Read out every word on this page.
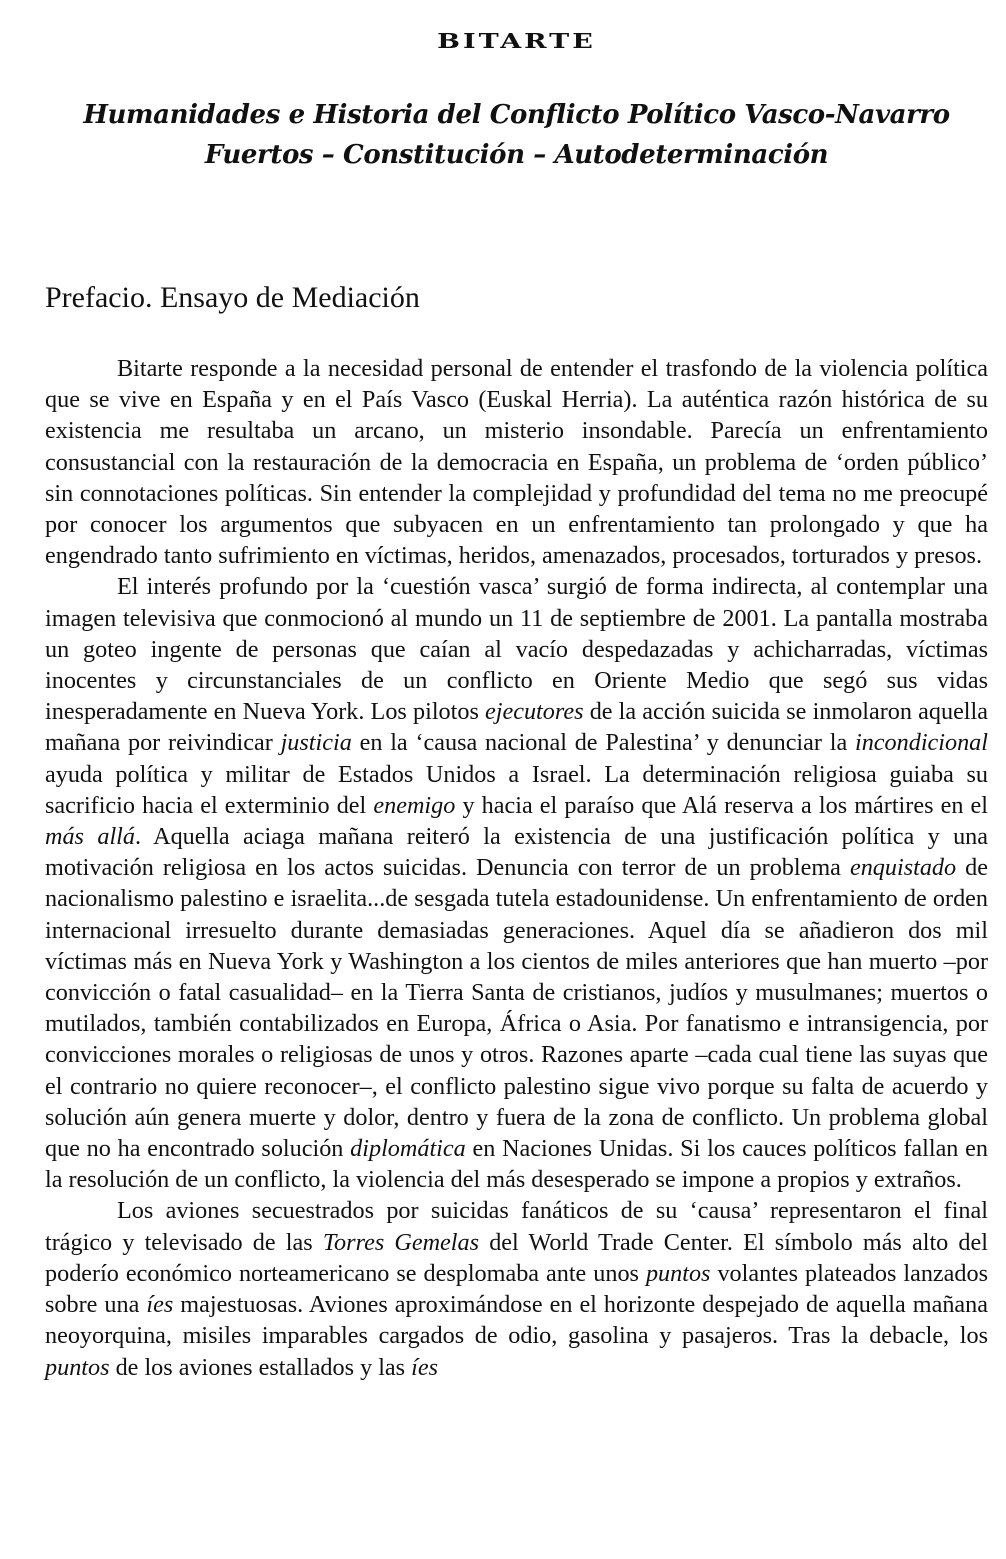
BITARTE

Humanidades e Historia del Conflicto Político Vasco-Navarro

Fuertos – Constitución – Autodeterminación

Prefacio. Ensayo de Mediación

Bitarte responde a la necesidad personal de entender el trasfondo de la violencia política que se vive en España y en el País Vasco (Euskal Herria). La auténtica razón histórica de su existencia me resultaba un arcano, un misterio insondable. Parecía un enfrentamiento consustancial con la restauración de la democracia en España, un problema de ‘orden público’ sin connotaciones políticas. Sin entender la complejidad y profundidad del tema no me preocupé por conocer los argumentos que subyacen en un enfrentamiento tan prolongado y que ha engendrado tanto sufrimiento en víctimas, heridos, amenazados, procesados, torturados y presos.

El interés profundo por la ‘cuestión vasca’ surgió de forma indirecta, al contemplar una imagen televisiva que conmocionó al mundo un 11 de septiembre de 2001. La pantalla mostraba un goteo ingente de personas que caían al vacío despedazadas y achicharradas, víctimas inocentes y circunstanciales de un conflicto en Oriente Medio que segó sus vidas inesperadamente en Nueva York. Los pilotos ejecutores de la acción suicida se inmolaron aquella mañana por reivindicar justicia en la ‘causa nacional de Palestina’ y denunciar la incondicional ayuda política y militar de Estados Unidos a Israel. La determinación religiosa guiaba su sacrificio hacia el exterminio del enemigo y hacia el paraíso que Alá reserva a los mártires en el más allá. Aquella aciaga mañana reiteró la existencia de una justificación política y una motivación religiosa en los actos suicidas. Denuncia con terror de un problema enquistado de nacionalismo palestino e israelita...de sesgada tutela estadounidense. Un enfrentamiento de orden internacional irresuelto durante demasiadas generaciones. Aquel día se añadieron dos mil víctimas más en Nueva York y Washington a los cientos de miles anteriores que han muerto –por convicción o fatal casualidad– en la Tierra Santa de cristianos, judíos y musulmanes; muertos o mutilados, también contabilizados en Europa, África o Asia. Por fanatismo e intransigencia, por convicciones morales o religiosas de unos y otros. Razones aparte –cada cual tiene las suyas que el contrario no quiere reconocer–, el conflicto palestino sigue vivo porque su falta de acuerdo y solución aún genera muerte y dolor, dentro y fuera de la zona de conflicto. Un problema global que no ha encontrado solución diplomática en Naciones Unidas. Si los cauces políticos fallan en la resolución de un conflicto, la violencia del más desesperado se impone a propios y extraños.

Los aviones secuestrados por suicidas fanáticos de su ‘causa’ representaron el final trágico y televisado de las Torres Gemelas del World Trade Center. El símbolo más alto del poderío económico norteamericano se desplomaba ante unos puntos volantes plateados lanzados sobre una íes majestuosas. Aviones aproximándose en el horizonte despejado de aquella mañana neoyorquina, misiles imparables cargados de odio, gasolina y pasajeros. Tras la debacle, los puntos de los aviones estallados y las íes
